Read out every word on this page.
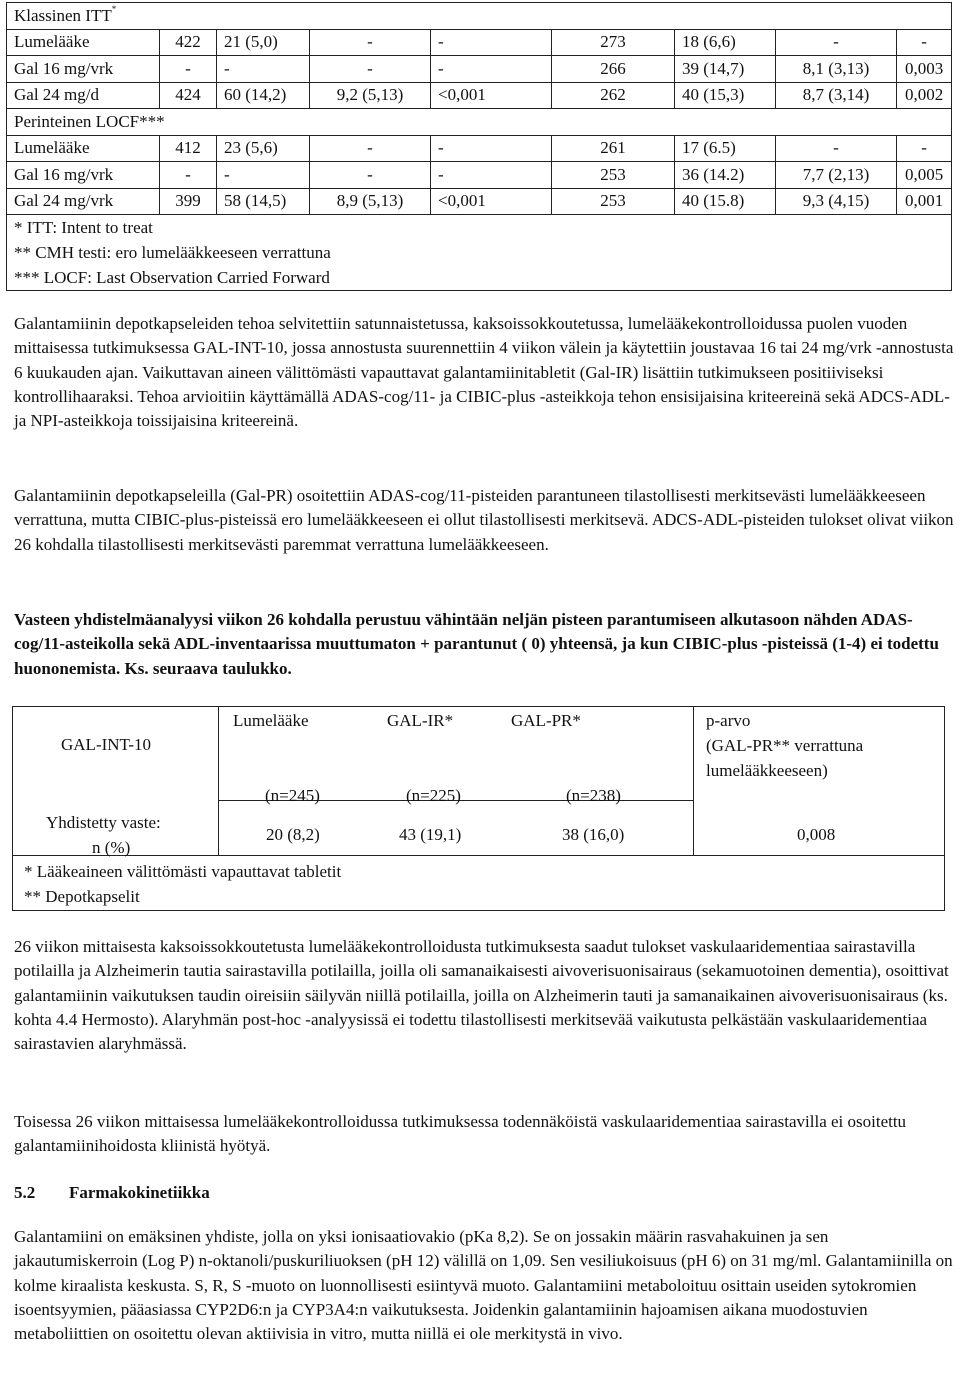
Klassinen ITT*
Lumelääke	422	21 (5,0)	-	-	273	18 (6,6)	-	-
Gal 16 mg/vrk	-	-	-	-	266	39 (14,7)	8,1 (3,13)	0,003
Gal 24 mg/d	424	60 (14,2)	9,2 (5,13)	<0,001	262	40 (15,3)	8,7 (3,14)	0,002
Perinteinen LOCF***								
Lumelääke	412	23 (5,6)	-	-	261	17 (6.5)	-	-
Gal 16 mg/vrk	-	-	-	-	253	36 (14.2)	7,7 (2,13)	0,005
Gal 24 mg/vrk	399	58 (14,5)	8,9 (5,13)	<0,001	253	40 (15.8)	9,3 (4,15)	0,001
* ITT: Intent to treat								
** CMH testi: ero lumelääkkeeseen verrattuna								
*** LOCF: Last Observation Carried Forward								

Galantamiinin depotkapseleiden tehoa selvitettiin satunnaistetussa, kaksoissokkoutetussa, lumelääkekontrolloidussa puolen vuoden mittaisessa tutkimuksessa GAL-INT-10, jossa annostusta suurennettiin 4 viikon välein ja käytettiin joustavaa 16 tai 24 mg/vrk -annostusta 6 kuukauden ajan. Vaikuttavan aineen välittömästi vapauttavat galantamiinitabletit (Gal-IR) lisättiin tutkimukseen positiiviseksi kontrollihaaraksi. Tehoa arvioitiin käyttämällä ADAS-cog/11- ja CIBIC-plus -asteikkoja tehon ensisijaisina kriteereinä sekä ADCS-ADL- ja NPI-asteikkoja toissijaisina kriteereinä.

Galantamiinin depotkapseleilla (Gal-PR) osoitettiin ADAS-cog/11-pisteiden parantuneen tilastollisesti merkitsevästi lumelääkkeeseen verrattuna, mutta CIBIC-plus-pisteissä ero lumelääkkeeseen ei ollut tilastollisesti merkitsevä. ADCS-ADL-pisteiden tulokset olivat viikon 26 kohdalla tilastollisesti merkitsevästi paremmat verrattuna lumelääkkeeseen.

Vasteen yhdistelmäanalyysi viikon 26 kohdalla perustuu vähintään neljän pisteen parantumiseen alkutasoon nähden ADAS-cog/11-asteikolla sekä ADL-inventaarissa muuttumaton + parantunut ( 0) yhteensä, ja kun CIBIC-plus -pisteissä (1-4) ei todettu huononemista. Ks. seuraava taulukko.

GAL-INT-10
Lumelääke	GAL-IR*	GAL-PR*	p-arvo
(GAL-PR** verrattuna
lumelääkkeeseen)
(n=245)	(n=225)	(n=238)
Yhdistetty vaste:
n (%)
20 (8,2)	43 (19,1)	38 (16,0)	0,008
* Lääkeaineen välittömästi vapauttavat tabletit
** Depotkapselit

26 viikon mittaisesta kaksoissokkoutetusta lumelääkekontrolloidusta tutkimuksesta saadut tulokset vaskulaaridementiaa sairastavilla potilailla ja Alzheimerin tautia sairastavilla potilailla, joilla oli samanaikaisesti aivoverisuonisairaus (sekamuotoinen dementia), osoittivat galantamiinin vaikutuksen taudin oireisiin säilyvän niillä potilailla, joilla on Alzheimerin tauti ja samanaikainen aivoverisuonisairaus (ks. kohta 4.4 Hermosto). Alaryhmän post-hoc -analyysissä ei todettu tilastollisesti merkitsevää vaikutusta pelkästään vaskulaaridementiaa sairastavien alaryhmässä.

Toisessa 26 viikon mittaisessa lumelääkekontrolloidussa tutkimuksessa todennäköistä vaskulaaridementiaa sairastavilla ei osoitettu galantamiinihoidosta kliinistä hyötyä.

5.2 Farmakokinetiikka

Galantamiini on emäksinen yhdiste, jolla on yksi ionisaatiovakio (pKa 8,2). Se on jossakin määrin rasvahakuinen ja sen jakautumiskerroin (Log P) n-oktanoli/puskuriliuoksen (pH 12) välillä on 1,09. Sen vesiliukoisuus (pH 6) on 31 mg/ml. Galantamiinilla on kolme kiraalista keskusta. S, R, S -muoto on luonnollisesti esiintyvä muoto. Galantamiini metaboloituu osittain useiden sytokromien isoentsyymien, pääasiassa CYP2D6:n ja CYP3A4:n vaikutuksesta. Joidenkin galantamiinin hajoamisen aikana muodostuvien metaboliittien on osoitettu olevan aktiivisia in vitro, mutta niillä ei ole merkitystä in vivo.
